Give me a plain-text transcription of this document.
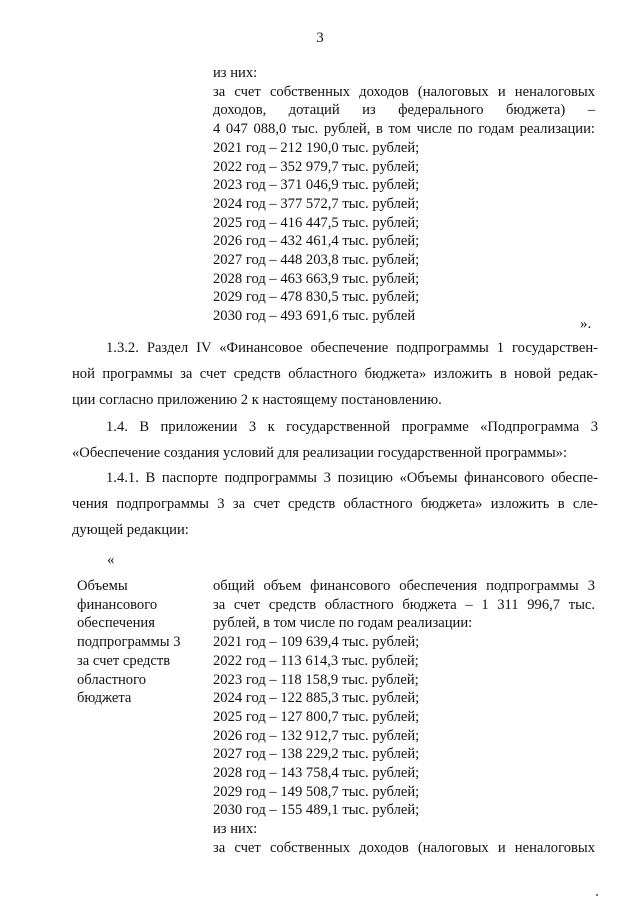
3
из них:
за счет собственных доходов (налоговых и неналоговых
доходов, дотаций из федерального бюджета) –
4 047 088,0 тыс. рублей, в том числе по годам реализации:
2021 год – 212 190,0 тыс. рублей;
2022 год – 352 979,7 тыс. рублей;
2023 год – 371 046,9 тыс. рублей;
2024 год – 377 572,7 тыс. рублей;
2025 год – 416 447,5 тыс. рублей;
2026 год – 432 461,4 тыс. рублей;
2027 год – 448 203,8 тыс. рублей;
2028 год – 463 663,9 тыс. рублей;
2029 год – 478 830,5 тыс. рублей;
2030 год – 493 691,6 тыс. рублей	».
1.3.2. Раздел IV «Финансовое обеспечение подпрограммы 1 государствен-
ной программы за счет средств областного бюджета» изложить в новой редак-
ции согласно приложению 2 к настоящему постановлению.
1.4. В приложении 3 к государственной программе «Подпрограмма 3
«Обеспечение создания условий для реализации государственной программы»:
1.4.1. В паспорте подпрограммы 3 позицию «Объемы финансового обеспе-
чения подпрограммы 3 за счет средств областного бюджета» изложить в сле-
дующей редакции:
«
Объемы
финансового
обеспечения
подпрограммы 3
за счет средств
областного
бюджета
общий объем финансового обеспечения подпрограммы 3
за счет средств областного бюджета – 1 311 996,7 тыс.
рублей, в том числе по годам реализации:
2021 год – 109 639,4 тыс. рублей;
2022 год – 113 614,3 тыс. рублей;
2023 год – 118 158,9 тыс. рублей;
2024 год – 122 885,3 тыс. рублей;
2025 год – 127 800,7 тыс. рублей;
2026 год – 132 912,7 тыс. рублей;
2027 год – 138 229,2 тыс. рублей;
2028 год – 143 758,4 тыс. рублей;
2029 год – 149 508,7 тыс. рублей;
2030 год – 155 489,1 тыс. рублей;
из них:
за счет собственных доходов (налоговых и неналоговых
